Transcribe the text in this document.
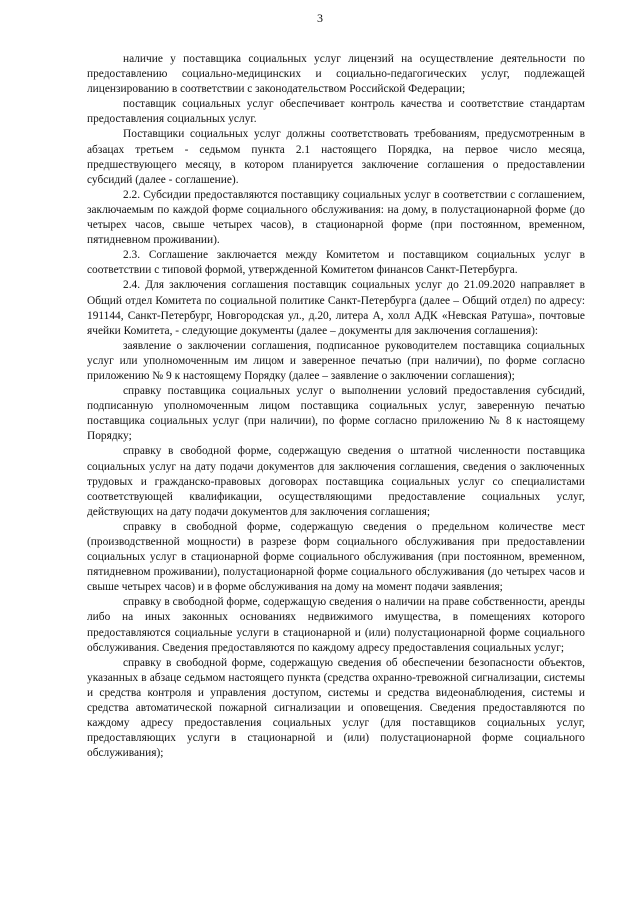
3

наличие у поставщика социальных услуг лицензий на осуществление деятельности по предоставлению социально-медицинских и социально-педагогических услуг, подлежащей лицензированию в соответствии с законодательством Российской Федерации;

поставщик социальных услуг обеспечивает контроль качества и соответствие стандартам предоставления социальных услуг.

Поставщики социальных услуг должны соответствовать требованиям, предусмотренным в абзацах третьем - седьмом пункта 2.1 настоящего Порядка, на первое число месяца, предшествующего месяцу, в котором планируется заключение соглашения о предоставлении субсидий (далее - соглашение).

2.2. Субсидии предоставляются поставщику социальных услуг в соответствии с соглашением, заключаемым по каждой форме социального обслуживания: на дому, в полустационарной форме (до четырех часов, свыше четырех часов), в стационарной форме (при постоянном, временном, пятидневном проживании).

2.3. Соглашение заключается между Комитетом и поставщиком социальных услуг в соответствии с типовой формой, утвержденной Комитетом финансов Санкт-Петербурга.

2.4. Для заключения соглашения поставщик социальных услуг до 21.09.2020 направляет в Общий отдел Комитета по социальной политике Санкт-Петербурга (далее – Общий отдел) по адресу: 191144, Санкт-Петербург, Новгородская ул., д.20, литера А, холл АДК «Невская Ратуша», почтовые ячейки Комитета, - следующие документы (далее – документы для заключения соглашения):

заявление о заключении соглашения, подписанное руководителем поставщика социальных услуг или уполномоченным им лицом и заверенное печатью (при наличии), по форме согласно приложению № 9 к настоящему Порядку (далее – заявление о заключении соглашения);

справку поставщика социальных услуг о выполнении условий предоставления субсидий, подписанную уполномоченным лицом поставщика социальных услуг, заверенную печатью поставщика социальных услуг (при наличии), по форме согласно приложению № 8 к настоящему Порядку;

справку в свободной форме, содержащую сведения о штатной численности поставщика социальных услуг на дату подачи документов для заключения соглашения, сведения о заключенных трудовых и гражданско-правовых договорах поставщика социальных услуг со специалистами соответствующей квалификации, осуществляющими предоставление социальных услуг, действующих на дату подачи документов для заключения соглашения;

справку в свободной форме, содержащую сведения о предельном количестве мест (производственной мощности) в разрезе форм социального обслуживания при предоставлении социальных услуг в стационарной форме социального обслуживания (при постоянном, временном, пятидневном проживании), полустационарной форме социального обслуживания (до четырех часов и свыше четырех часов) и в форме обслуживания на дому на момент подачи заявления;

справку в свободной форме, содержащую сведения о наличии на праве собственности, аренды либо на иных законных основаниях недвижимого имущества, в помещениях которого предоставляются социальные услуги в стационарной и (или) полустационарной форме социального обслуживания. Сведения предоставляются по каждому адресу предоставления социальных услуг;

справку в свободной форме, содержащую сведения об обеспечении безопасности объектов, указанных в абзаце седьмом настоящего пункта (средства охранно-тревожной сигнализации, системы и средства контроля и управления доступом, системы и средства видеонаблюдения, системы и средства автоматической пожарной сигнализации и оповещения. Сведения предоставляются по каждому адресу предоставления социальных услуг (для поставщиков социальных услуг, предоставляющих услуги в стационарной и (или) полустационарной форме социального обслуживания);
